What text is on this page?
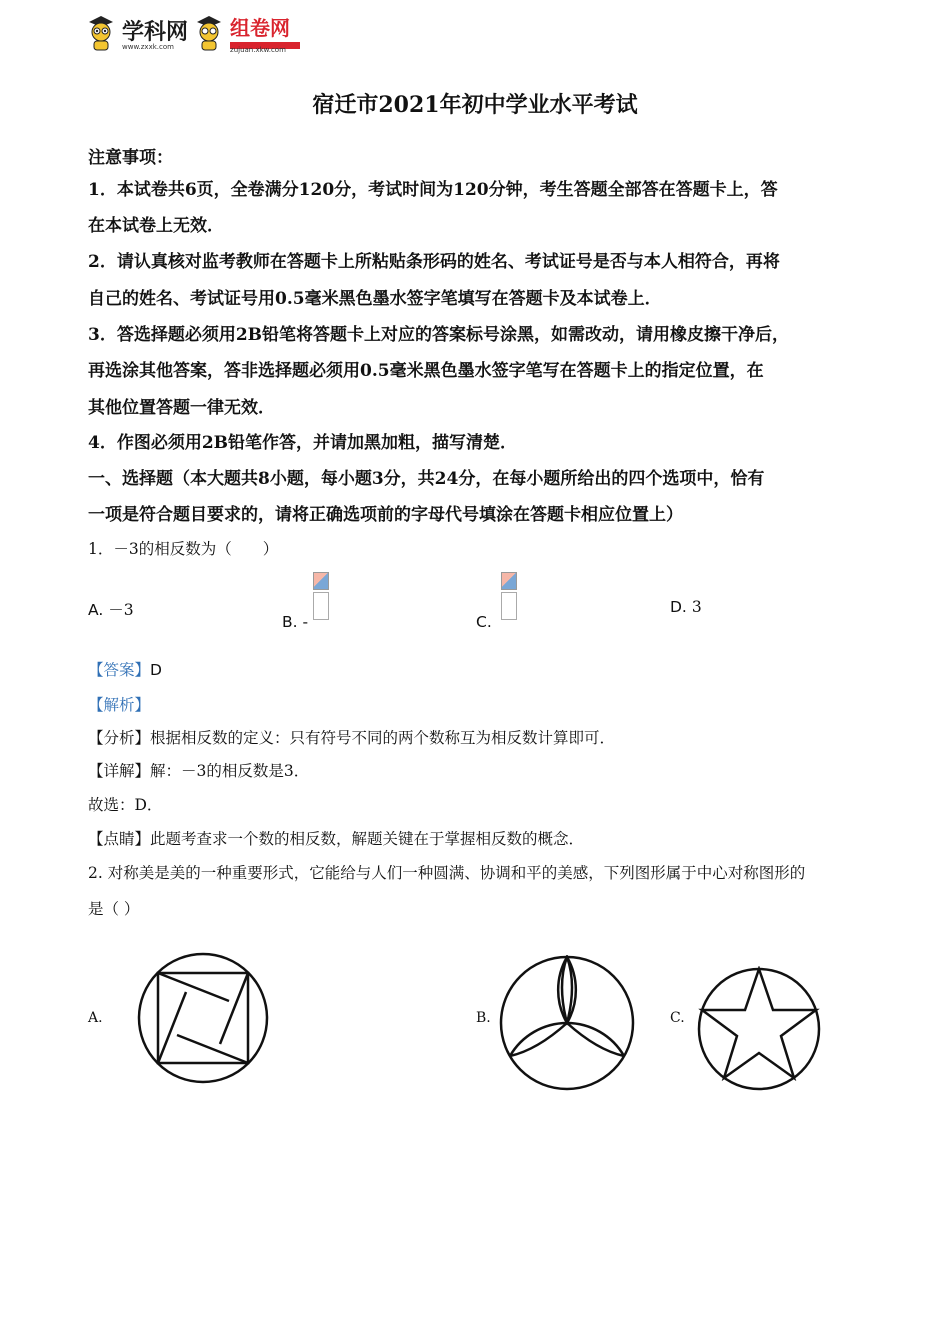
学科网
www.zxxk.com
组卷网
zujuan.xkw.com
宿迁市2021年初中学业水平考试
注意事项：
1．本试卷共6页，全卷满分120分，考试时间为120分钟，考生答题全部答在答题卡上，答
在本试卷上无效．
2．请认真核对监考教师在答题卡上所粘贴条形码的姓名、考试证号是否与本人相符合，再将
自己的姓名、考试证号用0.5毫米黑色墨水签字笔填写在答题卡及本试卷上．
3．答选择题必须用2B铅笔将答题卡上对应的答案标号涂黑，如需改动，请用橡皮擦干净后，
再选涂其他答案，答非选择题必须用0.5毫米黑色墨水签字笔写在答题卡上的指定位置，在
其他位置答题一律无效．
4．作图必须用2B铅笔作答，并请加黑加粗，描写清楚．
一、选择题（本大题共8小题，每小题3分，共24分，在每小题所给出的四个选项中，恰有
一项是符合题目要求的，请将正确选项前的字母代号填涂在答题卡相应位置上）
1．－3的相反数为（　　）
A. －3
B. -	C.
D. 3
【答案】D
【解析】
【分析】根据相反数的定义：只有符号不同的两个数称互为相反数计算即可．
【详解】解：－3的相反数是3．
故选：D．
【点睛】此题考查求一个数的相反数，解题关键在于掌握相反数的概念．
2. 对称美是美的一种重要形式，它能给与人们一种圆满、协调和平的美感，下列图形属于中心对称图形的
是（ ）
A.	B.	C.
